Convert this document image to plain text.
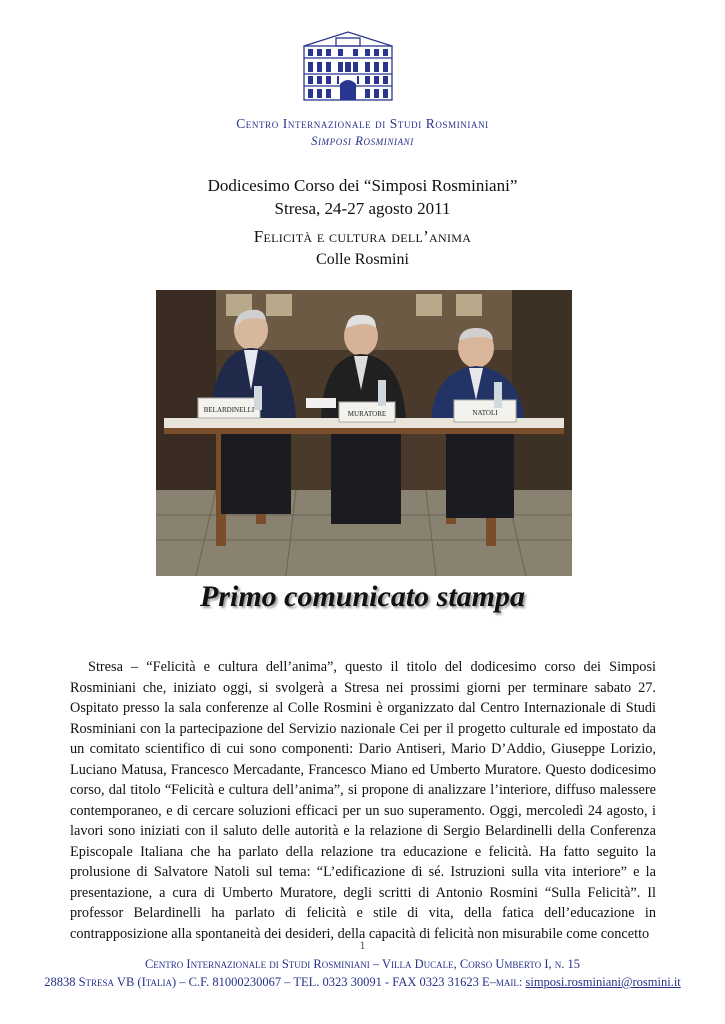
Centro Internazionale di Studi Rosminiani
Simposi Rosminiani
Dodicesimo Corso dei “Simposi Rosminiani”
Stresa, 24-27 agosto 2011
Felicità e cultura dell’anima
Colle Rosmini
BELARDINELLI	MURATORE	NATOLI
Primo comunicato stampa

Stresa – “Felicità e cultura dell’anima”, questo il titolo del dodicesimo corso dei Simposi Rosminiani che, iniziato oggi, si svolgerà a Stresa nei prossimi giorni per terminare sabato 27. Ospitato presso la sala conferenze al Colle Rosmini è organizzato dal Centro Internazionale di Studi Rosminiani con la partecipazione del Servizio nazionale Cei per il progetto culturale ed impostato da un comitato scientifico di cui sono componenti: Dario Antiseri, Mario D’Addio, Giuseppe Lorizio, Luciano Matusa, Francesco Mercadante, Francesco Miano ed Umberto Muratore. Questo dodicesimo corso, dal titolo “Felicità e cultura dell’anima”, si propone di analizzare l’interiore, diffuso malessere contemporaneo, e di cercare soluzioni efficaci per un suo superamento. Oggi, mercoledì 24 agosto, i lavori sono iniziati con il saluto delle autorità e la relazione di Sergio Belardinelli della Conferenza Episcopale Italiana che ha parlato della relazione tra educazione e felicità. Ha fatto seguito la prolusione di Salvatore Natoli sul tema: “L’edificazione di sé. Istruzioni sulla vita interiore” e la presentazione, a cura di Umberto Muratore, degli scritti di Antonio Rosmini “Sulla Felicità”. Il professor Belardinelli ha parlato di felicità e stile di vita, della fatica dell’educazione in contrapposizione alla spontaneità dei desideri, della capacità di felicità non misurabile come concetto

1
Centro Internazionale di Studi Rosminiani – Villa Ducale, Corso Umberto I, n. 15
28838 Stresa VB (Italia) – C.F. 81000230067 – TEL. 0323 30091 - FAX 0323 31623 E–mail: simposi.rosminiani@rosmini.it
